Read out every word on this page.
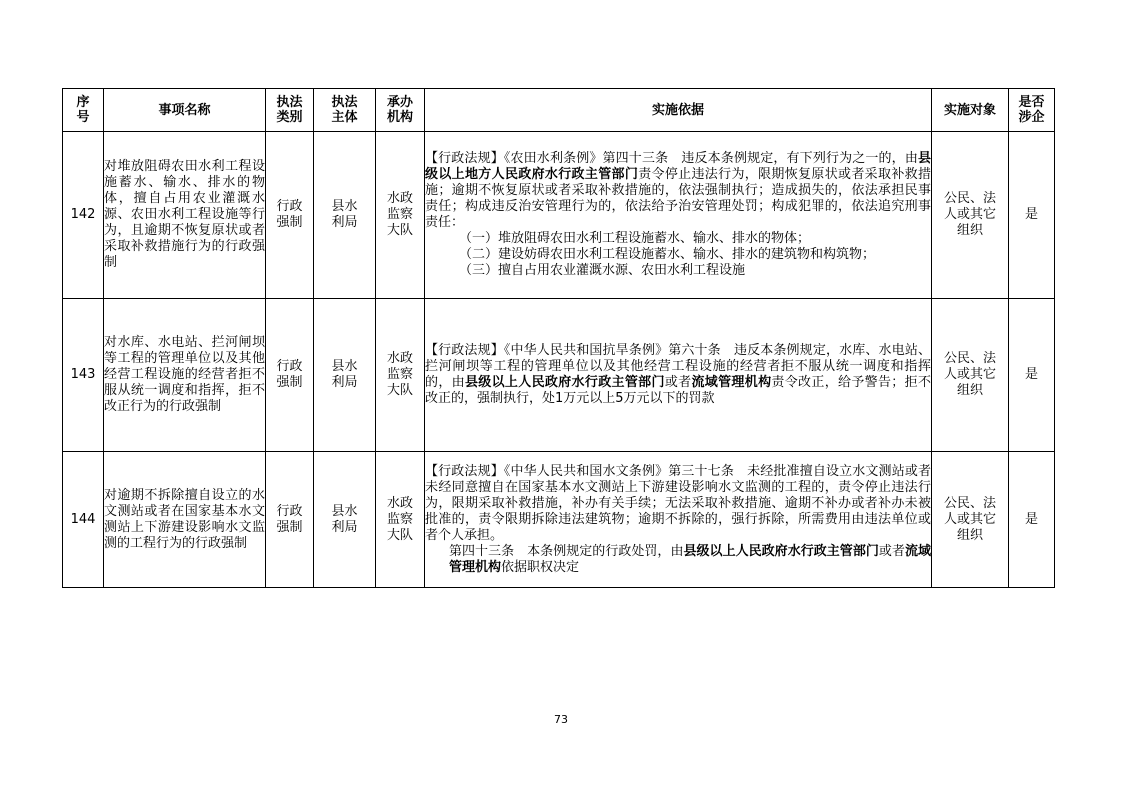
序号	事项名称	执法类别	执法主体	承办机构	实施依据	实施对象	是否涉企
142	对堆放阻碍农田水利工程设施蓄水、输水、排水的物体，擅自占用农业灌溉水源、农田水利工程设施等行为，且逾期不恢复原状或者采取补救措施行为的行政强制	行政强制	县水利局	水政监察大队	【行政法规】《农田水利条例》第四十三条　违反本条例规定，有下列行为之一的，由县级以上地方人民政府水行政主管部门责令停止违法行为，限期恢复原状或者采取补救措施；逾期不恢复原状或者采取补救措施的，依法强制执行；造成损失的，依法承担民事责任；构成违反治安管理行为的，依法给予治安管理处罚；构成犯罪的，依法追究刑事责任：

（一）堆放阻碍农田水利工程设施蓄水、输水、排水的物体；

（二）建设妨碍农田水利工程设施蓄水、输水、排水的建筑物和构筑物；

（三）擅自占用农业灌溉水源、农田水利工程设施	公民、法人或其它组织	是
143	对水库、水电站、拦河闸坝等工程的管理单位以及其他经营工程设施的经营者拒不服从统一调度和指挥，拒不改正行为的行政强制	行政强制	县水利局	水政监察大队	【行政法规】《中华人民共和国抗旱条例》第六十条　违反本条例规定，水库、水电站、拦河闸坝等工程的管理单位以及其他经营工程设施的经营者拒不服从统一调度和指挥的，由县级以上人民政府水行政主管部门或者流域管理机构责令改正，给予警告；拒不改正的，强制执行，处1万元以上5万元以下的罚款	公民、法人或其它组织	是
144	对逾期不拆除擅自设立的水文测站或者在国家基本水文测站上下游建设影响水文监测的工程行为的行政强制	行政强制	县水利局	水政监察大队	【行政法规】《中华人民共和国水文条例》第三十七条　未经批准擅自设立水文测站或者未经同意擅自在国家基本水文测站上下游建设影响水文监测的工程的，责令停止违法行为，限期采取补救措施，补办有关手续；无法采取补救措施、逾期不补办或者补办未被批准的，责令限期拆除违法建筑物；逾期不拆除的，强行拆除，所需费用由违法单位或者个人承担。

第四十三条　本条例规定的行政处罚，由县级以上人民政府水行政主管部门或者流域管理机构依据职权决定	公民、法人或其它组织	是
73
